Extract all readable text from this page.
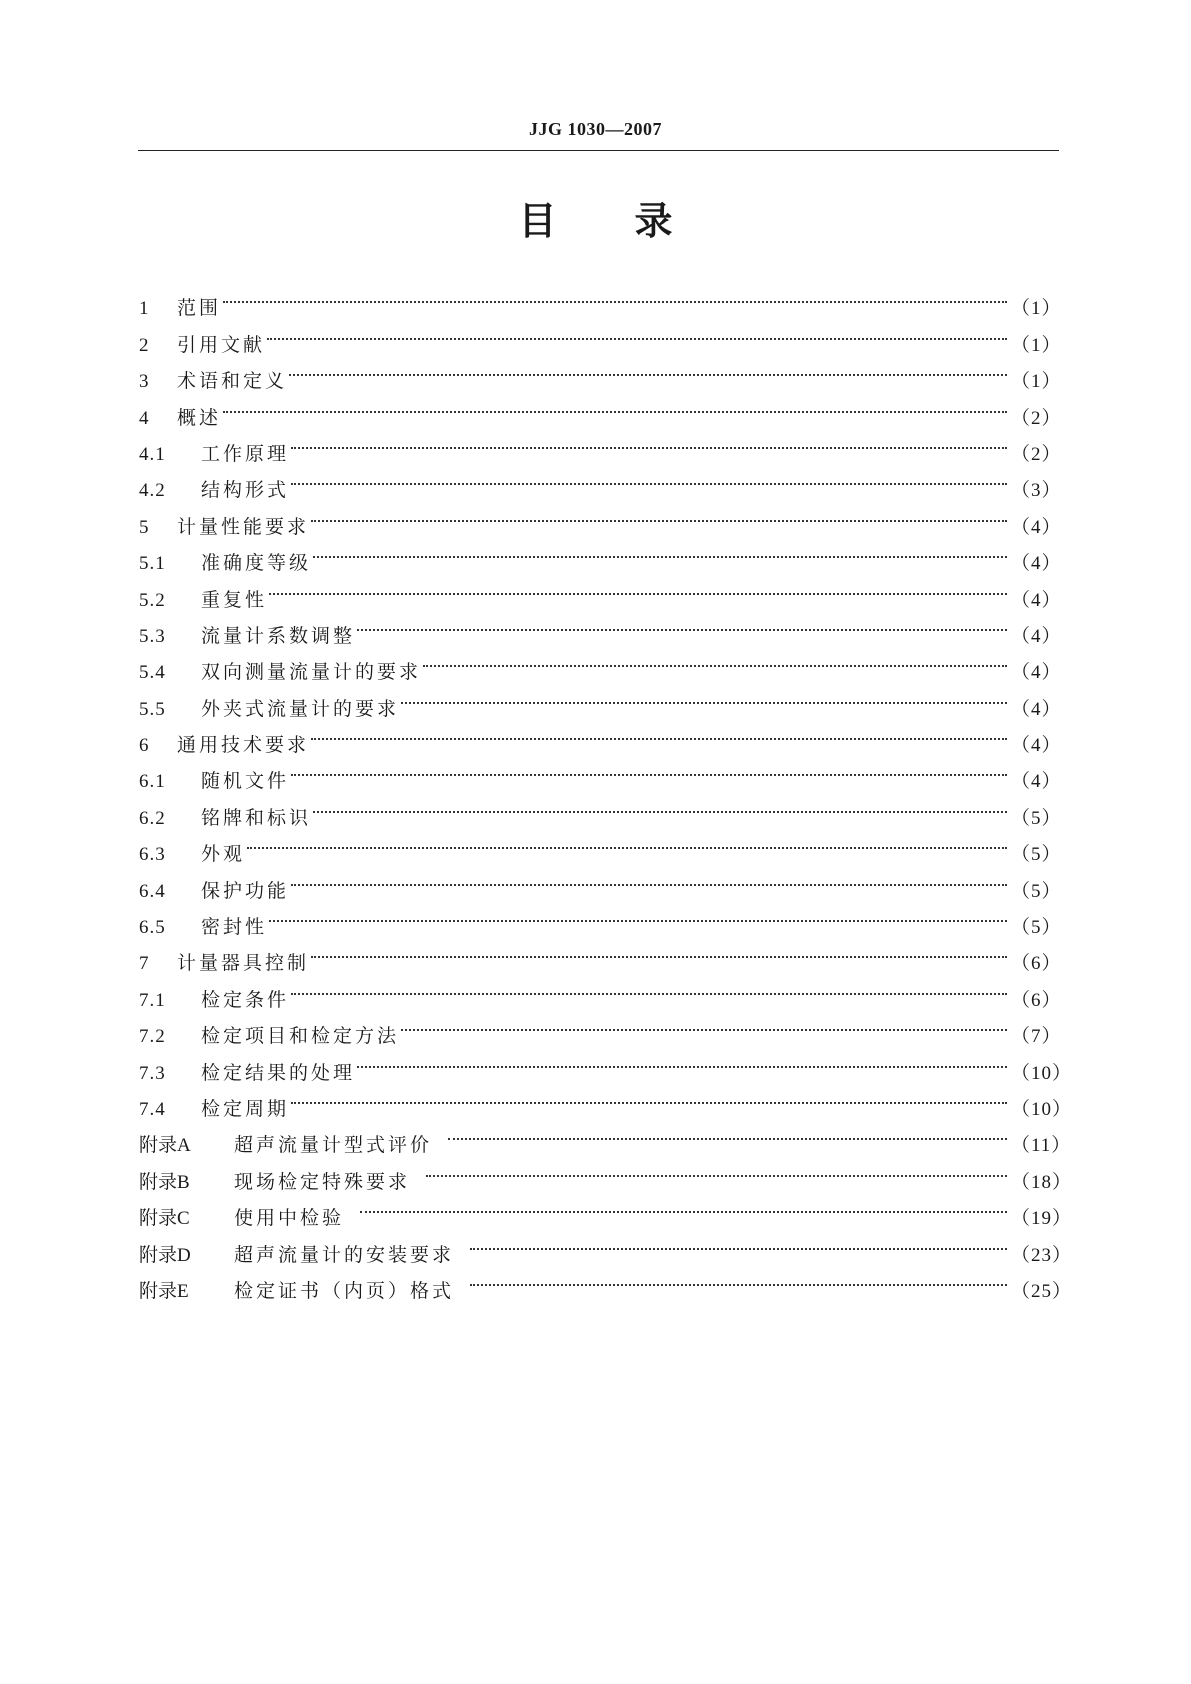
JJG 1030—2007
目 录
1	范围	（1）
2	引用文献	（1）
3	术语和定义	（1）
4	概述	（2）
4.1	工作原理	（2）
4.2	结构形式	（3）
5	计量性能要求	（4）
5.1	准确度等级	（4）
5.2	重复性	（4）
5.3	流量计系数调整	（4）
5.4	双向测量流量计的要求	（4）
5.5	外夹式流量计的要求	（4）
6	通用技术要求	（4）
6.1	随机文件	（4）
6.2	铭牌和标识	（5）
6.3	外观	（5）
6.4	保护功能	（5）
6.5	密封性	（5）
7	计量器具控制	（6）
7.1	检定条件	（6）
7.2	检定项目和检定方法	（7）
7.3	检定结果的处理	（10）
7.4	检定周期	（10）
附录A	超声流量计型式评价	（11）
附录B	现场检定特殊要求	（18）
附录C	使用中检验	（19）
附录D	超声流量计的安装要求	（23）
附录E	检定证书（内页）格式	（25）
